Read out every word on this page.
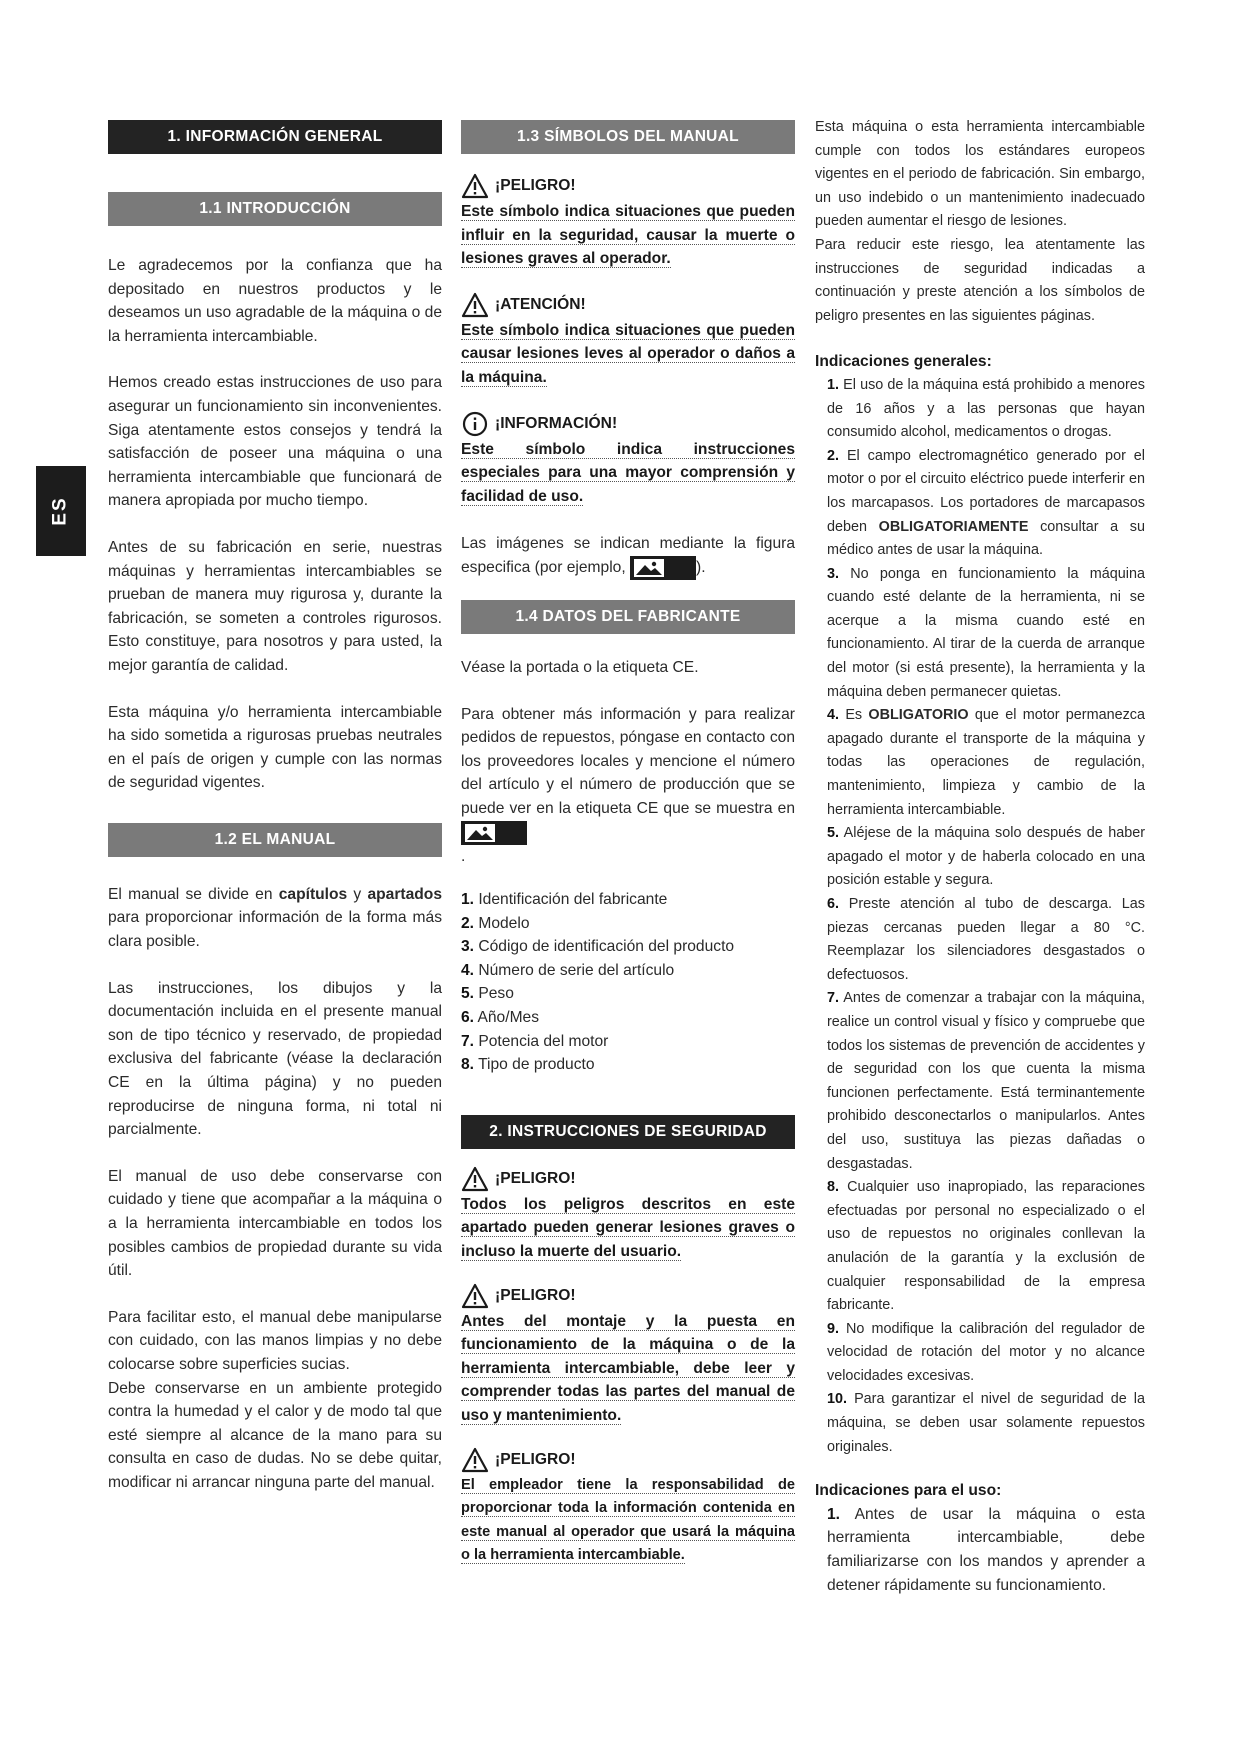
ES
1. INFORMACIÓN GENERAL
1.1 INTRODUCCIÓN

Le agradecemos por la confianza que ha depositado en nuestros productos y le deseamos un uso agradable de la máquina o de la herramienta intercambiable.

Hemos creado estas instrucciones de uso para asegurar un funcionamiento sin inconvenientes. Siga atentamente estos consejos y tendrá la satisfacción de poseer una máquina o una herramienta intercambiable que funcionará de manera apropiada por mucho tiempo.

Antes de su fabricación en serie, nuestras máquinas y herramientas intercambiables se prueban de manera muy rigurosa y, durante la fabricación, se someten a controles rigurosos. Esto constituye, para nosotros y para usted, la mejor garantía de calidad.

Esta máquina y/o herramienta intercambiable ha sido sometida a rigurosas pruebas neutrales en el país de origen y cumple con las normas de seguridad vigentes.

1.2 EL MANUAL

El manual se divide en capítulos y apartados para proporcionar información de la forma más clara posible.

Las instrucciones, los dibujos y la documentación incluida en el presente manual son de tipo técnico y reservado, de propiedad exclusiva del fabricante (véase la declaración CE en la última página) y no pueden reproducirse de ninguna forma, ni total ni parcialmente.

El manual de uso debe conservarse con cuidado y tiene que acompañar a la máquina o a la herramienta intercambiable en todos los posibles cambios de propiedad durante su vida útil.

Para facilitar esto, el manual debe manipularse con cuidado, con las manos limpias y no debe colocarse sobre superficies sucias.

Debe conservarse en un ambiente protegido contra la humedad y el calor y de modo tal que esté siempre al alcance de la mano para su consulta en caso de dudas. No se debe quitar, modificar ni arrancar ninguna parte del manual.

1.3 SÍMBOLOS DEL MANUAL
¡PELIGRO!

Este símbolo indica situaciones que pueden influir en la seguridad, causar la muerte o lesiones graves al operador.

¡ATENCIÓN!

Este símbolo indica situaciones que pueden causar lesiones leves al operador o daños a la máquina.

¡INFORMACIÓN!

Este símbolo indica instrucciones especiales para una mayor comprensión y facilidad de uso.

Las imágenes se indican mediante la figura especifica (por ejemplo,	).

1.4 DATOS DEL FABRICANTE

Véase la portada o la etiqueta CE.

Para obtener más información y para realizar pedidos de repuestos, póngase en contacto con los proveedores locales y mencione el número del artículo y el número de producción que se puede ver en la etiqueta CE que se muestra en

.

1. Identificación del fabricante
2. Modelo
3. Código de identificación del producto
4. Número de serie del artículo
5. Peso
6. Año/Mes
7. Potencia del motor
8. Tipo de producto
2. INSTRUCCIONES DE SEGURIDAD
¡PELIGRO!

Todos los peligros descritos en este apartado pueden generar lesiones graves o incluso la muerte del usuario.

¡PELIGRO!

Antes del montaje y la puesta en funcionamiento de la máquina o de la herramienta intercambiable, debe leer y comprender todas las partes del manual de uso y mantenimiento.

¡PELIGRO!

El empleador tiene la responsabilidad de proporcionar toda la información contenida en este manual al operador que usará la máquina o la herramienta intercambiable.

Esta máquina o esta herramienta intercambiable cumple con todos los estándares europeos vigentes en el periodo de fabricación. Sin embargo, un uso indebido o un mantenimiento inadecuado pueden aumentar el riesgo de lesiones.

Para reducir este riesgo, lea atentamente las instrucciones de seguridad indicadas a continuación y preste atención a los símbolos de peligro presentes en las siguientes páginas.

Indicaciones generales:

1. El uso de la máquina está prohibido a menores de 16 años y a las personas que hayan consumido alcohol, medicamentos o drogas.

2. El campo electromagnético generado por el motor o por el circuito eléctrico puede interferir en los marcapasos. Los portadores de marcapasos deben OBLIGATORIAMENTE consultar a su médico antes de usar la máquina.

3. No ponga en funcionamiento la máquina cuando esté delante de la herramienta, ni se acerque a la misma cuando esté en funcionamiento. Al tirar de la cuerda de arranque del motor (si está presente), la herramienta y la máquina deben permanecer quietas.

4. Es OBLIGATORIO que el motor permanezca apagado durante el transporte de la máquina y todas las operaciones de regulación, mantenimiento, limpieza y cambio de la herramienta intercambiable.

5. Aléjese de la máquina solo después de haber apagado el motor y de haberla colocado en una posición estable y segura.

6. Preste atención al tubo de descarga. Las piezas cercanas pueden llegar a 80 °C. Reemplazar los silenciadores desgastados o defectuosos.

7. Antes de comenzar a trabajar con la máquina, realice un control visual y físico y compruebe que todos los sistemas de prevención de accidentes y de seguridad con los que cuenta la misma funcionen perfectamente. Está terminantemente prohibido desconectarlos o manipularlos. Antes del uso, sustituya las piezas dañadas o desgastadas.

8. Cualquier uso inapropiado, las reparaciones efectuadas por personal no especializado o el uso de repuestos no originales conllevan la anulación de la garantía y la exclusión de cualquier responsabilidad de la empresa fabricante.

9. No modifique la calibración del regulador de velocidad de rotación del motor y no alcance velocidades excesivas.

10. Para garantizar el nivel de seguridad de la máquina, se deben usar solamente repuestos originales.

Indicaciones para el uso:

1. Antes de usar la máquina o esta herramienta intercambiable, debe familiarizarse con los mandos y aprender a detener rápidamente su funcionamiento.
